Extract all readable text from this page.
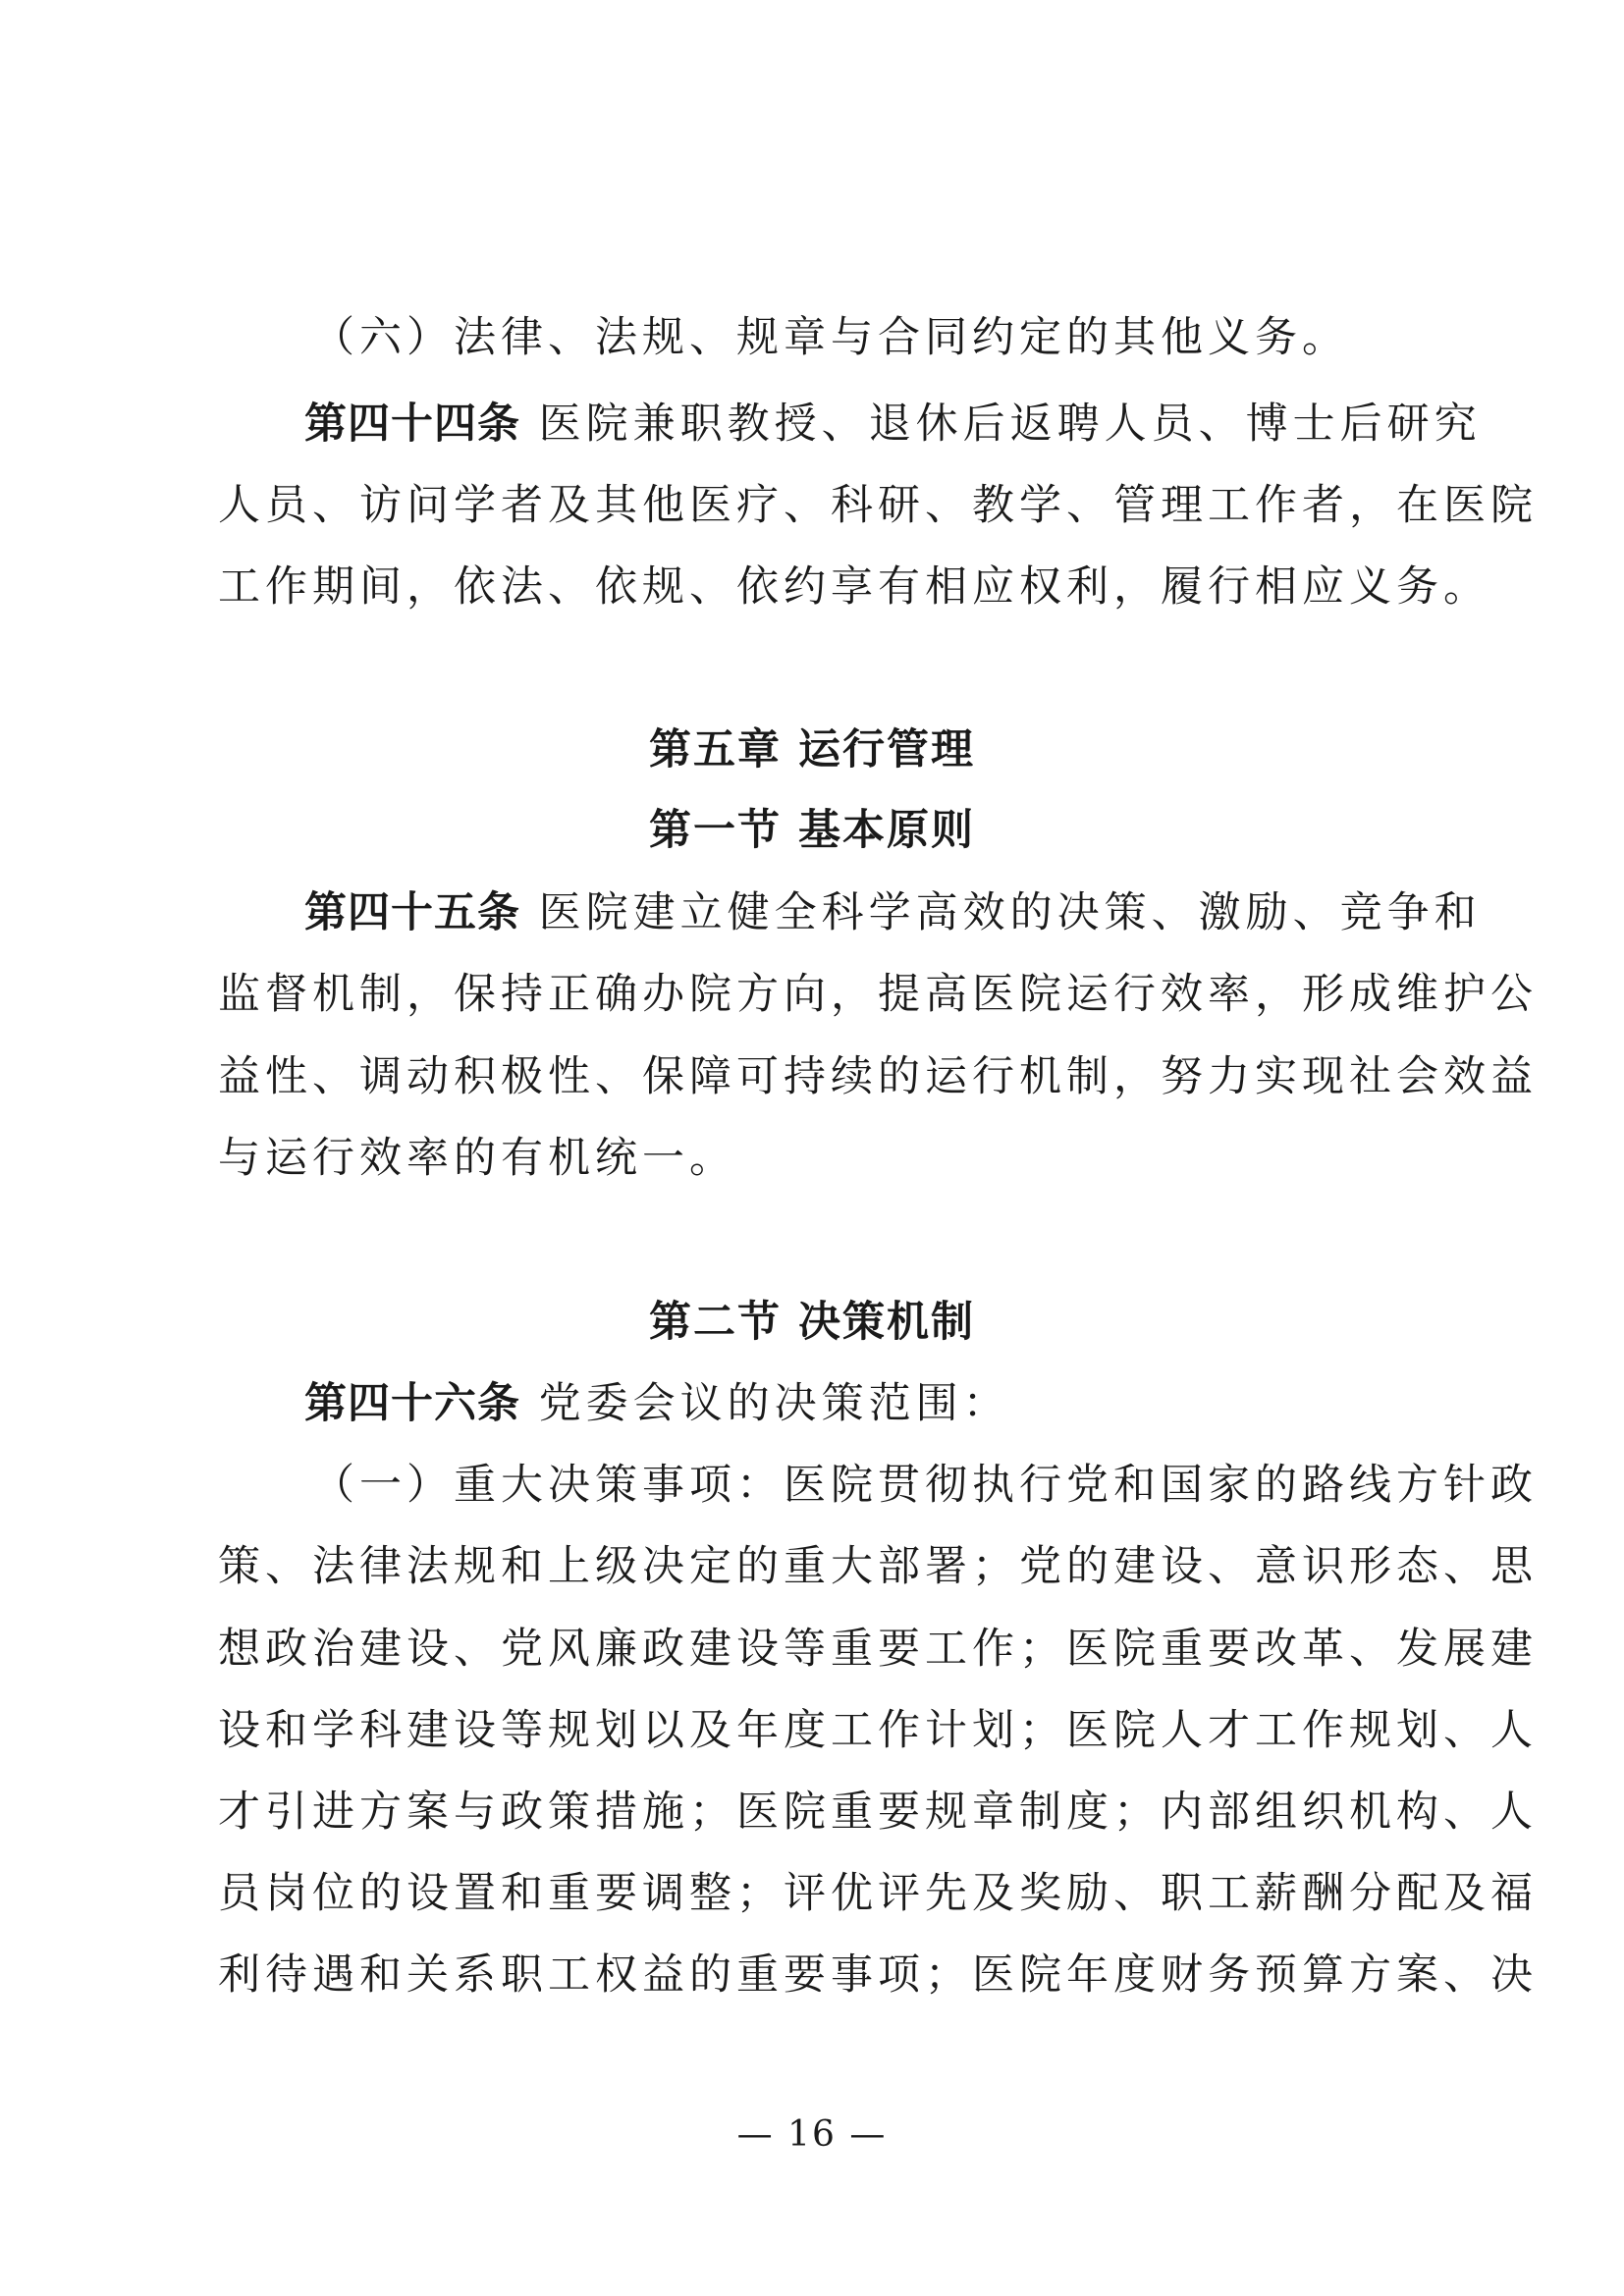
（六）法律、法规、规章与合同约定的其他义务。
第四十四条 医院兼职教授、退休后返聘人员、博士后研究
人员、访问学者及其他医疗、科研、教学、管理工作者，在医院
工作期间，依法、依规、依约享有相应权利，履行相应义务。
第五章 运行管理
第一节 基本原则
第四十五条 医院建立健全科学高效的决策、激励、竞争和
监督机制，保持正确办院方向，提高医院运行效率，形成维护公
益性、调动积极性、保障可持续的运行机制，努力实现社会效益
与运行效率的有机统一。
第二节 决策机制
第四十六条 党委会议的决策范围：
（一）重大决策事项：医院贯彻执行党和国家的路线方针政
策、法律法规和上级决定的重大部署；党的建设、意识形态、思
想政治建设、党风廉政建设等重要工作；医院重要改革、发展建
设和学科建设等规划以及年度工作计划；医院人才工作规划、人
才引进方案与政策措施；医院重要规章制度；内部组织机构、人
员岗位的设置和重要调整；评优评先及奖励、职工薪酬分配及福
利待遇和关系职工权益的重要事项；医院年度财务预算方案、决
— 16 —
